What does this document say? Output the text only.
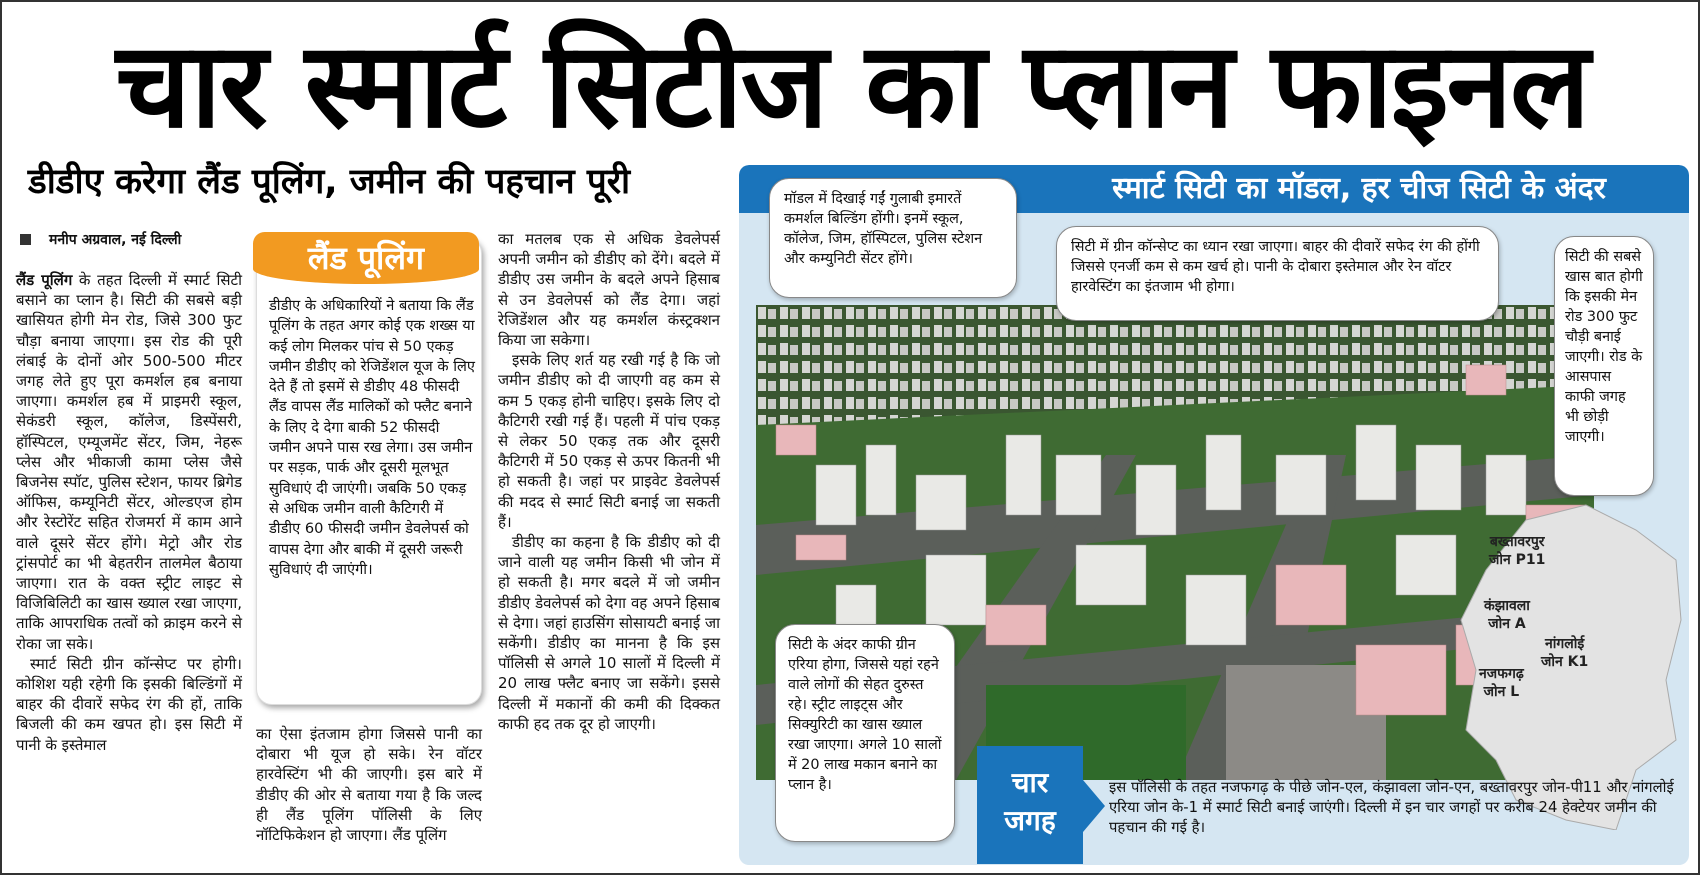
चार स्मार्ट सिटीज का प्लान फाइनल
डीडीए करेगा लैंड पूलिंग, जमीन की पहचान पूरी
मनीप अग्रवाल, नई दिल्ली

लैंड पूलिंग के तहत दिल्ली में स्मार्ट सिटी बसाने का प्लान है। सिटी की सबसे बड़ी खासियत होगी मेन रोड, जिसे 300 फुट चौड़ा बनाया जाएगा। इस रोड की पूरी लंबाई के दोनों ओर 500-500 मीटर जगह लेते हुए पूरा कमर्शल हब बनाया जाएगा। कमर्शल हब में प्राइमरी स्कूल, सेकंडरी स्कूल, कॉलेज, डिस्पेंसरी, हॉस्पिटल, एम्यूजमेंट सेंटर, जिम, नेहरू प्लेस और भीकाजी कामा प्लेस जैसे बिजनेस स्पॉट, पुलिस स्टेशन, फायर ब्रिगेड ऑफिस, कम्यूनिटी सेंटर, ओल्डएज होम और रेस्टोरेंट सहित रोजमर्रा में काम आने वाले दूसरे सेंटर होंगे। मेट्रो और रोड ट्रांसपोर्ट का भी बेहतरीन तालमेल बैठाया जाएगा। रात के वक्त स्ट्रीट लाइट से विजिबिलिटी का खास ख्याल रखा जाएगा, ताकि आपराधिक तत्वों को क्राइम करने से रोका जा सके।

स्मार्ट सिटी ग्रीन कॉन्सेप्ट पर होगी। कोशिश यही रहेगी कि इसकी बिल्डिंगों में बाहर की दीवारें सफेद रंग की हों, ताकि बिजली की कम खपत हो। इस सिटी में पानी के इस्तेमाल

लैंड पूलिंग
डीडीए के अधिकारियों ने बताया कि लैंड पूलिंग के तहत अगर कोई एक शख्स या कई लोग मिलकर पांच से 50 एकड़ जमीन डीडीए को रेजिडेंशल यूज के लिए देते हैं तो इसमें से डीडीए 48 फीसदी लैंड वापस लैंड मालिकों को फ्लैट बनाने के लिए दे देगा बाकी 52 फीसदी जमीन अपने पास रख लेगा। उस जमीन पर सड़क, पार्क और दूसरी मूलभूत सुविधाएं दी जाएंगी। जबकि 50 एकड़ से अधिक जमीन वाली कैटिगरी में डीडीए 60 फीसदी जमीन डेवलेपर्स को वापस देगा और बाकी में दूसरी जरूरी सुविधाएं दी जाएंगी।

का ऐसा इंतजाम होगा जिससे पानी का दोबारा भी यूज हो सके। रेन वॉटर हारवेस्टिंग भी की जाएगी। इस बारे में डीडीए की ओर से बताया गया है कि जल्द ही लैंड पूलिंग पॉलिसी के लिए नॉटिफिकेशन हो जाएगा। लैंड पूलिंग

का मतलब एक से अधिक डेवलेपर्स अपनी जमीन को डीडीए को देंगे। बदले में डीडीए उस जमीन के बदले अपने हिसाब से उन डेवलेपर्स को लैंड देगा। जहां रेजिडेंशल और यह कमर्शल कंस्ट्रक्शन किया जा सकेगा।

इसके लिए शर्त यह रखी गई है कि जो जमीन डीडीए को दी जाएगी वह कम से कम 5 एकड़ होनी चाहिए। इसके लिए दो कैटिगरी रखी गई हैं। पहली में पांच एकड़ से लेकर 50 एकड़ तक और दूसरी कैटिगरी में 50 एकड़ से ऊपर कितनी भी हो सकती है। जहां पर प्राइवेट डेवलेपर्स की मदद से स्मार्ट सिटी बनाई जा सकती हैं।

डीडीए का कहना है कि डीडीए को दी जाने वाली यह जमीन किसी भी जोन में हो सकती है। मगर बदले में जो जमीन डीडीए डेवलेपर्स को देगा वह अपने हिसाब से देगा। जहां हाउसिंग सोसायटी बनाई जा सकेंगी। डीडीए का मानना है कि इस पॉलिसी से अगले 10 सालों में दिल्ली में 20 लाख फ्लैट बनाए जा सकेंगे। इससे दिल्ली में मकानों की कमी की दिक्कत काफी हद तक दूर हो जाएगी।

स्मार्ट सिटी का मॉडल, हर चीज सिटी के अंदर
बख्तावरपुर
जोन P11
कंझावला
जोन A
नांगलोई
जोन K1
नजफगढ़
जोन L
मॉडल में दिखाई गईं गुलाबी इमारतें कमर्शल बिल्डिंग होंगी। इनमें स्कूल, कॉलेज, जिम, हॉस्पिटल, पुलिस स्टेशन और कम्युनिटी सेंटर होंगे।
सिटी में ग्रीन कॉन्सेप्ट का ध्यान रखा जाएगा। बाहर की दीवारें सफेद रंग की होंगी जिससे एनर्जी कम से कम खर्च हो। पानी के दोबारा इस्तेमाल और रेन वॉटर हारवेस्टिंग का इंतजाम भी होगा।
सिटी की सबसे खास बात होगी कि इसकी मेन रोड 300 फुट चौड़ी बनाई जाएगी। रोड के आसपास काफी जगह भी छोड़ी जाएगी।
सिटी के अंदर काफी ग्रीन एरिया होगा, जिससे यहां रहने वाले लोगों की सेहत दुरुस्त रहे। स्ट्रीट लाइट्स और सिक्युरिटी का खास ख्याल रखा जाएगा। अगले 10 सालों में 20 लाख मकान बनाने का प्लान है।	चार
जगह
इस पॉलिसी के तहत नजफगढ़ के पीछे जोन-एल, कंझावला जोन-एन, बख्तावरपुर जोन-पी11 और नांगलोई एरिया जोन के-1 में स्मार्ट सिटी बनाई जाएंगी। दिल्ली में इन चार जगहों पर करीब 24 हेक्टेयर जमीन की पहचान की गई है।
